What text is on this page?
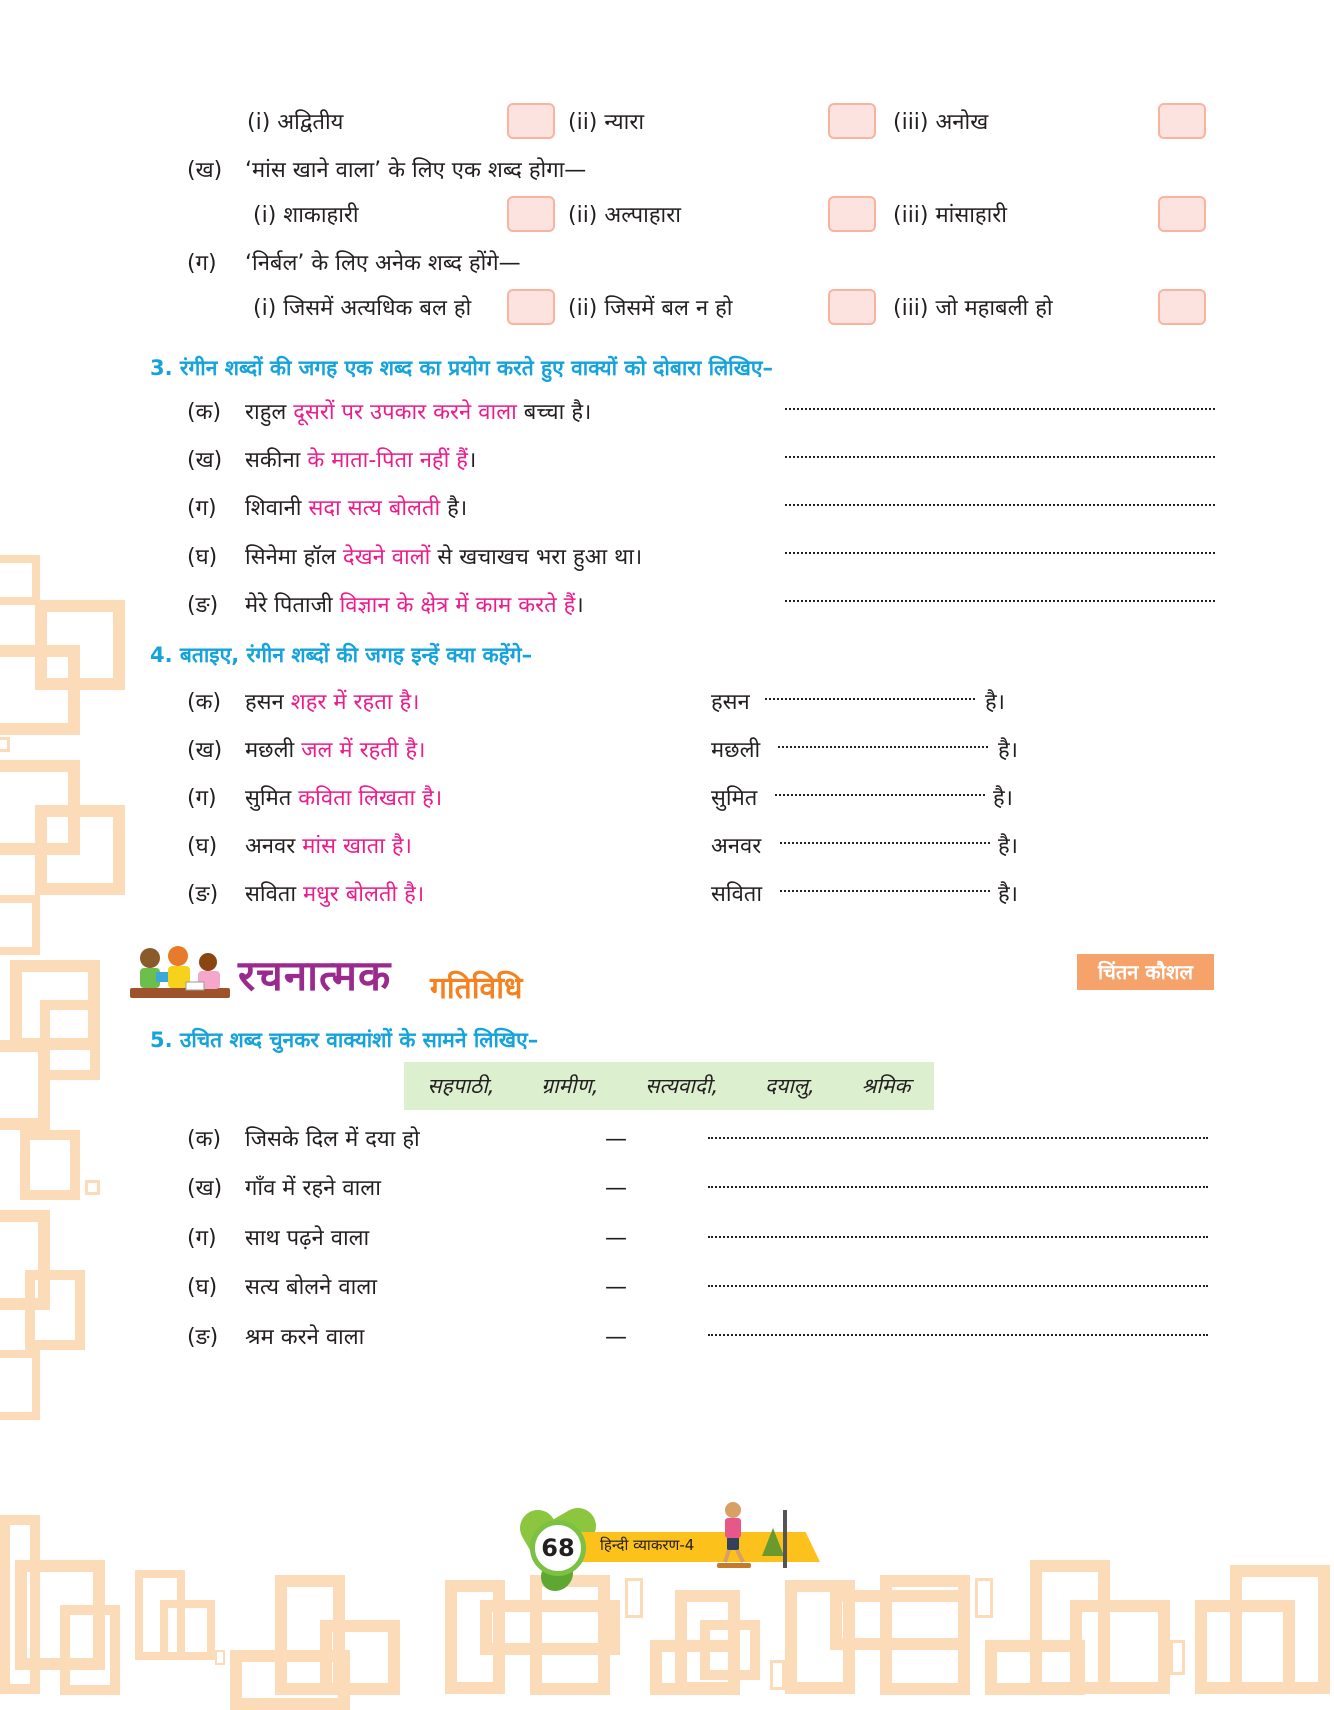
(i) अद्वितीय	(ii) न्यारा	(iii) अनोख
(ख) ‘मांस खाने वाला’ के लिए एक शब्द होगा—
(i) शाकाहारी	(ii) अल्पाहारा	(iii) मांसाहारी
(ग) ‘निर्बल’ के लिए अनेक शब्द होंगे—
(i) जिसमें अत्यधिक बल हो	(ii) जिसमें बल न हो	(iii) जो महाबली हो
3. रंगीन शब्दों की जगह एक शब्द का प्रयोग करते हुए वाक्यों को दोबारा लिखिए–
(क) राहुल दूसरों पर उपकार करने वाला बच्चा है।
(ख) सकीना के माता-पिता नहीं हैं।
(ग) शिवानी सदा सत्य बोलती है।
(घ) सिनेमा हॉल देखने वालों से खचाखच भरा हुआ था।
(ङ) मेरे पिताजी विज्ञान के क्षेत्र में काम करते हैं।
4. बताइए, रंगीन शब्दों की जगह इन्हें क्या कहेंगे–
(क) हसन शहर में रहता है।	हसन	है।
(ख) मछली जल में रहती है।	मछली	है।
(ग) सुमित कविता लिखता है।	सुमित	है।
(घ) अनवर मांस खाता है।	अनवर	है।
(ङ) सविता मधुर बोलती है।	सविता	है।
रचनात्मक गतिविधि	चिंतन कौशल
5. उचित शब्द चुनकर वाक्यांशों के सामने लिखिए–
सहपाठी, ग्रामीण, सत्यवादी, दयालु, श्रमिक
(क) जिसके दिल में दया हो	—
(ख) गाँव में रहने वाला	—
(ग) साथ पढ़ने वाला	—
(घ) सत्य बोलने वाला	—
(ङ) श्रम करने वाला	—
68	हिन्दी व्याकरण-4
